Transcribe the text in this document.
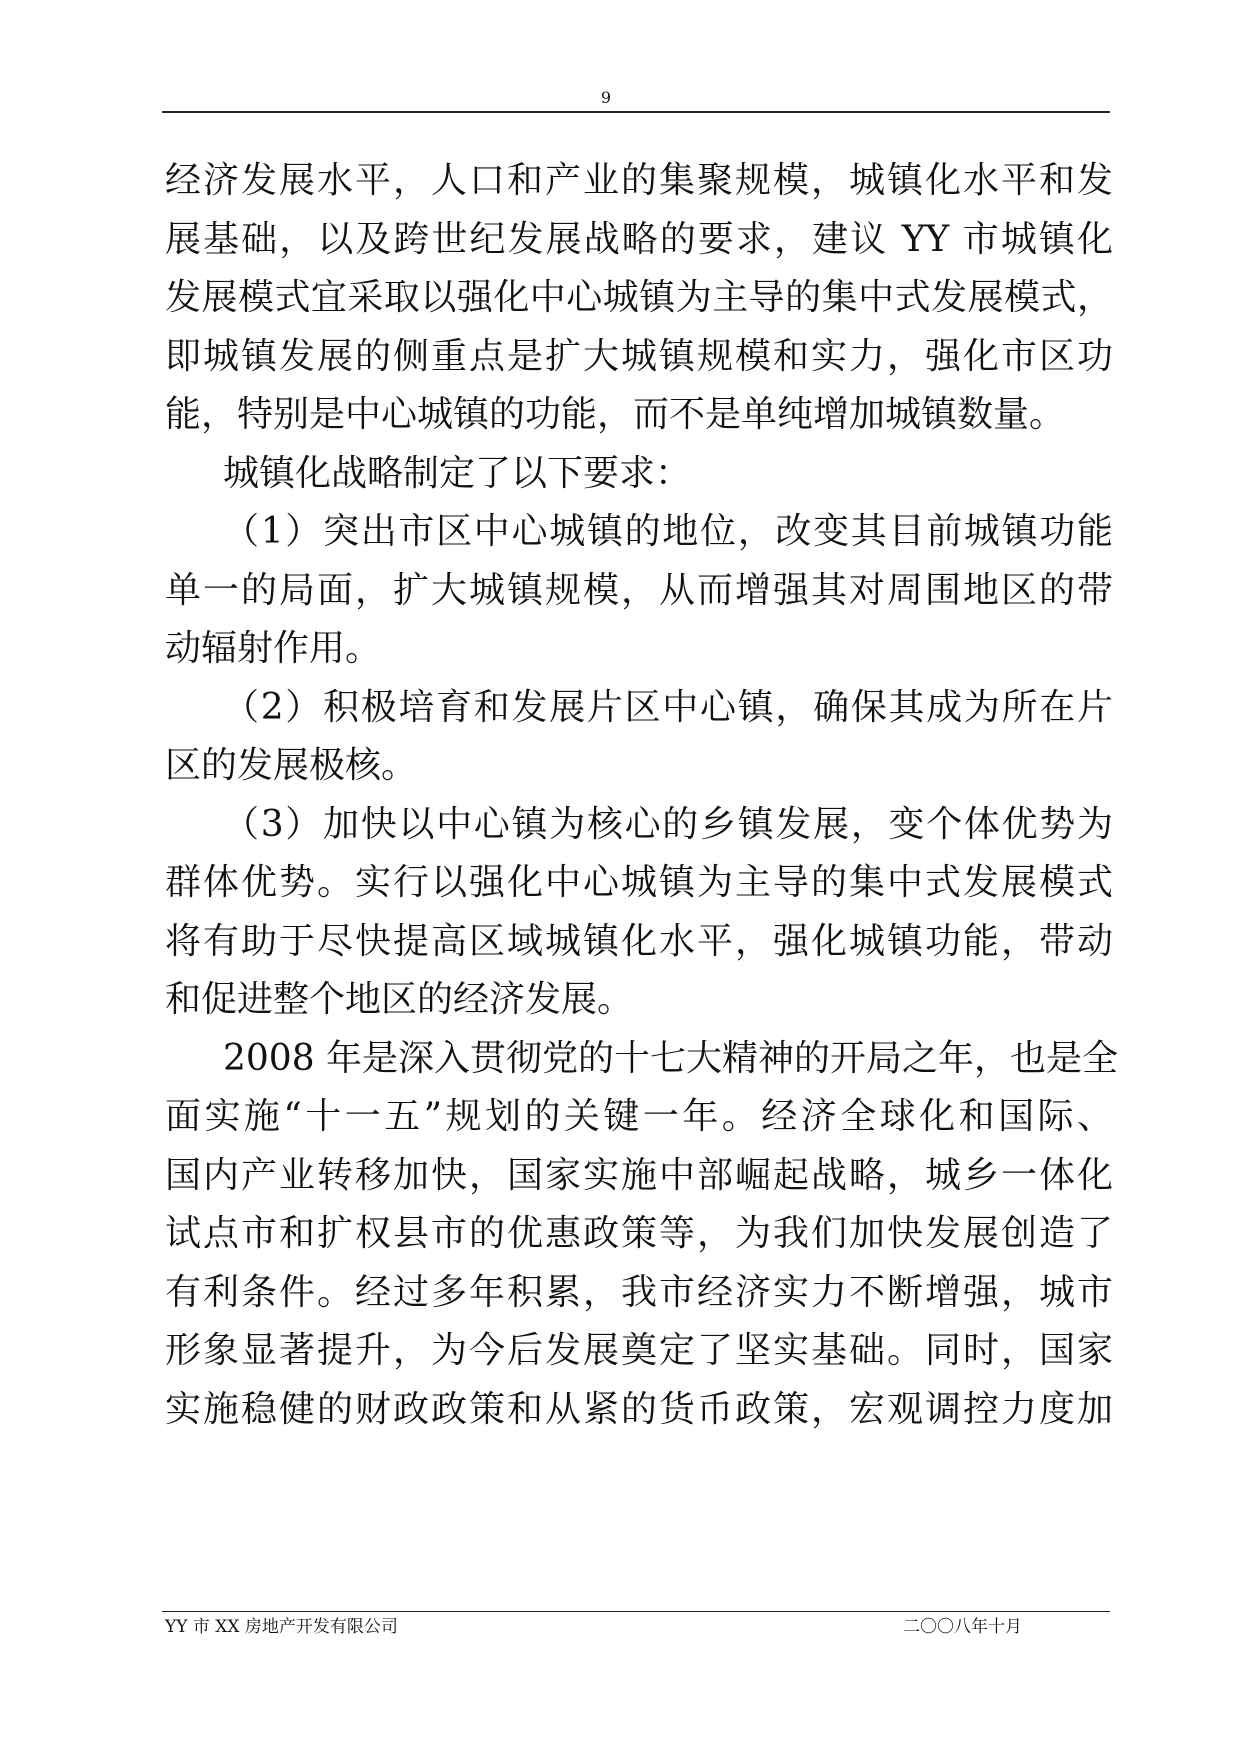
9
经济发展水平，人口和产业的集聚规模，城镇化水平和发
展基础，以及跨世纪发展战略的要求，建议 YY 市城镇化
发展模式宜采取以强化中心城镇为主导的集中式发展模式，
即城镇发展的侧重点是扩大城镇规模和实力，强化市区功
能，特别是中心城镇的功能，而不是单纯增加城镇数量。
城镇化战略制定了以下要求：
（1）突出市区中心城镇的地位，改变其目前城镇功能
单一的局面，扩大城镇规模，从而增强其对周围地区的带
动辐射作用。
（2）积极培育和发展片区中心镇，确保其成为所在片
区的发展极核。
（3）加快以中心镇为核心的乡镇发展，变个体优势为
群体优势。实行以强化中心城镇为主导的集中式发展模式
将有助于尽快提高区域城镇化水平，强化城镇功能，带动
和促进整个地区的经济发展。
2008 年是深入贯彻党的十七大精神的开局之年，也是全
面实施“十一五”规划的关键一年。经济全球化和国际、
国内产业转移加快，国家实施中部崛起战略，城乡一体化
试点市和扩权县市的优惠政策等，为我们加快发展创造了
有利条件。经过多年积累，我市经济实力不断增强，城市
形象显著提升，为今后发展奠定了坚实基础。同时，国家
实施稳健的财政政策和从紧的货币政策，宏观调控力度加
YY 市 XX 房地产开发有限公司	二〇〇八年十月
